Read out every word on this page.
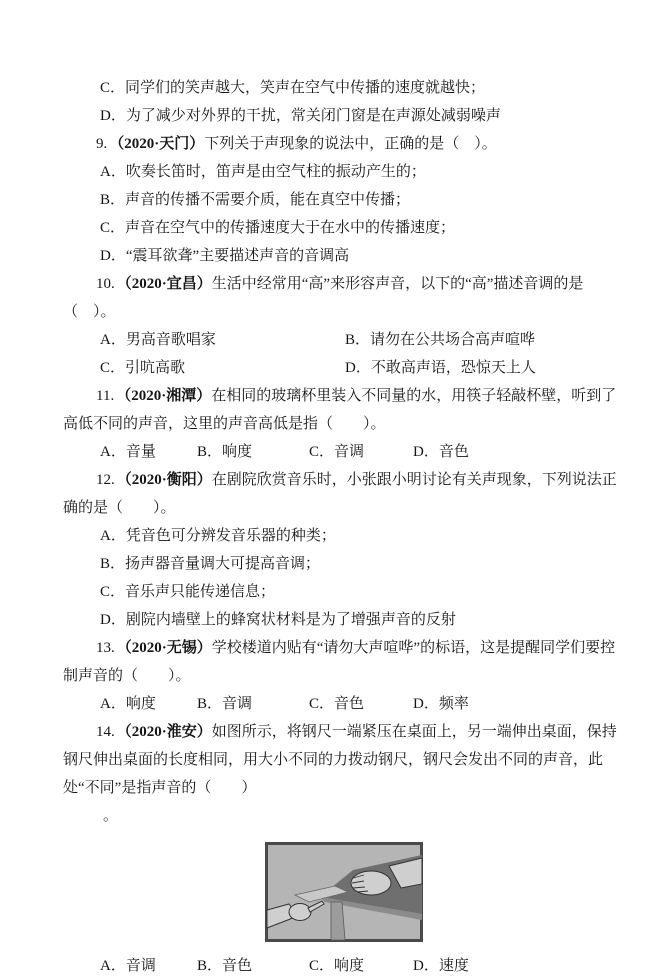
C．同学们的笑声越大，笑声在空气中传播的速度就越快；

D．为了减少对外界的干扰，常关闭门窗是在声源处减弱噪声

9. （2020·天门）下列关于声现象的说法中，正确的是（　）。

A．吹奏长笛时，笛声是由空气柱的振动产生的；

B．声音的传播不需要介质，能在真空中传播；

C．声音在空气中的传播速度大于在水中的传播速度；

D．“震耳欲聋”主要描述声音的音调高

10. （2020·宜昌）生活中经常用“高”来形容声音，以下的“高”描述音调的是（　）。

A．男高音歌唱家	B．请勿在公共场合高声喧哗
C．引吭高歌	D．不敢高声语，恐惊天上人

11. （2020·湘潭）在相同的玻璃杯里装入不同量的水，用筷子轻敲杯壁，听到了高低不同的声音，这里的声音高低是指（　　）。

A．音量	B．响度	C．音调	D．音色

12. （2020·衡阳）在剧院欣赏音乐时，小张跟小明讨论有关声现象，下列说法正确的是（　　）。

A．凭音色可分辨发音乐器的种类；

B．扬声器音量调大可提高音调；

C．音乐声只能传递信息；

D．剧院内墙壁上的蜂窝状材料是为了增强声音的反射

13. （2020·无锡）学校楼道内贴有“请勿大声喧哗”的标语，这是提醒同学们要控制声音的（　　）。

A．响度	B．音调	C．音色	D．频率

14. （2020·淮安）如图所示，将钢尺一端紧压在桌面上，另一端伸出桌面，保持钢尺伸出桌面的长度相同，用大小不同的力拨动钢尺，钢尺会发出不同的声音，此处“不同”是指声音的（　　）

。

A．音调	B．音色	C．响度	D．速度
